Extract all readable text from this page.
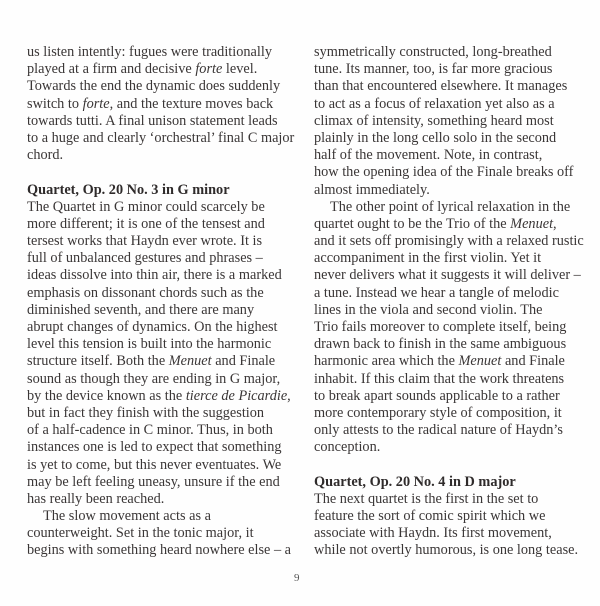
us listen intently: fugues were traditionally
played at a firm and decisive forte level.
Towards the end the dynamic does suddenly
switch to forte, and the texture moves back
towards tutti. A final unison statement leads
to a huge and clearly ‘orchestral’ final C major
chord.
Quartet, Op. 20 No. 3 in G minor
The Quartet in G minor could scarcely be
more different; it is one of the tensest and
tersest works that Haydn ever wrote. It is
full of unbalanced gestures and phrases –
ideas dissolve into thin air, there is a marked
emphasis on dissonant chords such as the
diminished seventh, and there are many
abrupt changes of dynamics. On the highest
level this tension is built into the harmonic
structure itself. Both the Menuet and Finale
sound as though they are ending in G major,
by the device known as the tierce de Picardie,
but in fact they finish with the suggestion
of a half-cadence in C minor. Thus, in both
instances one is led to expect that something
is yet to come, but this never eventuates. We
may be left feeling uneasy, unsure if the end
has really been reached.
The slow movement acts as a
counterweight. Set in the tonic major, it
begins with something heard nowhere else – a
symmetrically constructed, long-breathed
tune. Its manner, too, is far more gracious
than that encountered elsewhere. It manages
to act as a focus of relaxation yet also as a
climax of intensity, something heard most
plainly in the long cello solo in the second
half of the movement. Note, in contrast,
how the opening idea of the Finale breaks off
almost immediately.
The other point of lyrical relaxation in the
quartet ought to be the Trio of the Menuet,
and it sets off promisingly with a relaxed rustic
accompaniment in the first violin. Yet it
never delivers what it suggests it will deliver –
a tune. Instead we hear a tangle of melodic
lines in the viola and second violin. The
Trio fails moreover to complete itself, being
drawn back to finish in the same ambiguous
harmonic area which the Menuet and Finale
inhabit. If this claim that the work threatens
to break apart sounds applicable to a rather
more contemporary style of composition, it
only attests to the radical nature of Haydn’s
conception.
Quartet, Op. 20 No. 4 in D major
The next quartet is the first in the set to
feature the sort of comic spirit which we
associate with Haydn. Its first movement,
while not overtly humorous, is one long tease.
9
